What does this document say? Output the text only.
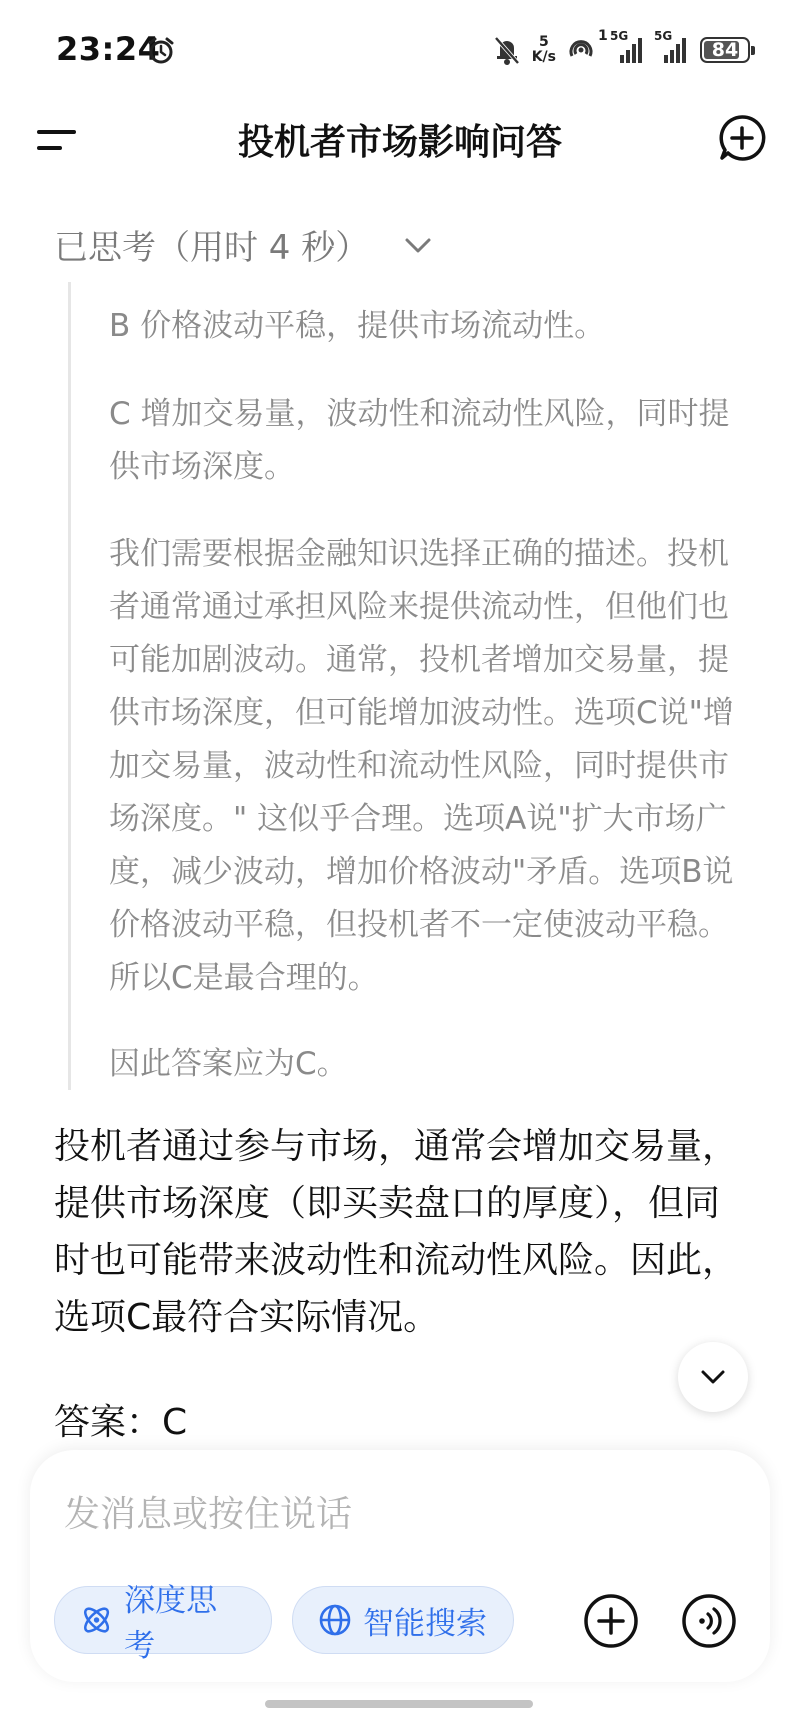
23:24	5
K/s
1 5G 5G
84
投机者市场影响问答
已思考（用时 4 秒）

B 价格波动平稳，提供市场流动性。

C 增加交易量，波动性和流动性风险，同时提供市场深度。

我们需要根据金融知识选择正确的描述。投机者通常通过承担风险来提供流动性，但他们也可能加剧波动。通常，投机者增加交易量，提供市场深度，但可能增加波动性。选项C说"增加交易量，波动性和流动性风险，同时提供市场深度。" 这似乎合理。选项A说"扩大市场广度，减少波动，增加价格波动"矛盾。选项B说价格波动平稳，但投机者不一定使波动平稳。所以C是最合理的。

因此答案应为C。

投机者通过参与市场，通常会增加交易量，提供市场深度（即买卖盘口的厚度），但同时也可能带来波动性和流动性风险。因此，选项C最符合实际情况。

答案：C

发消息或按住说话
深度思考
智能搜索
